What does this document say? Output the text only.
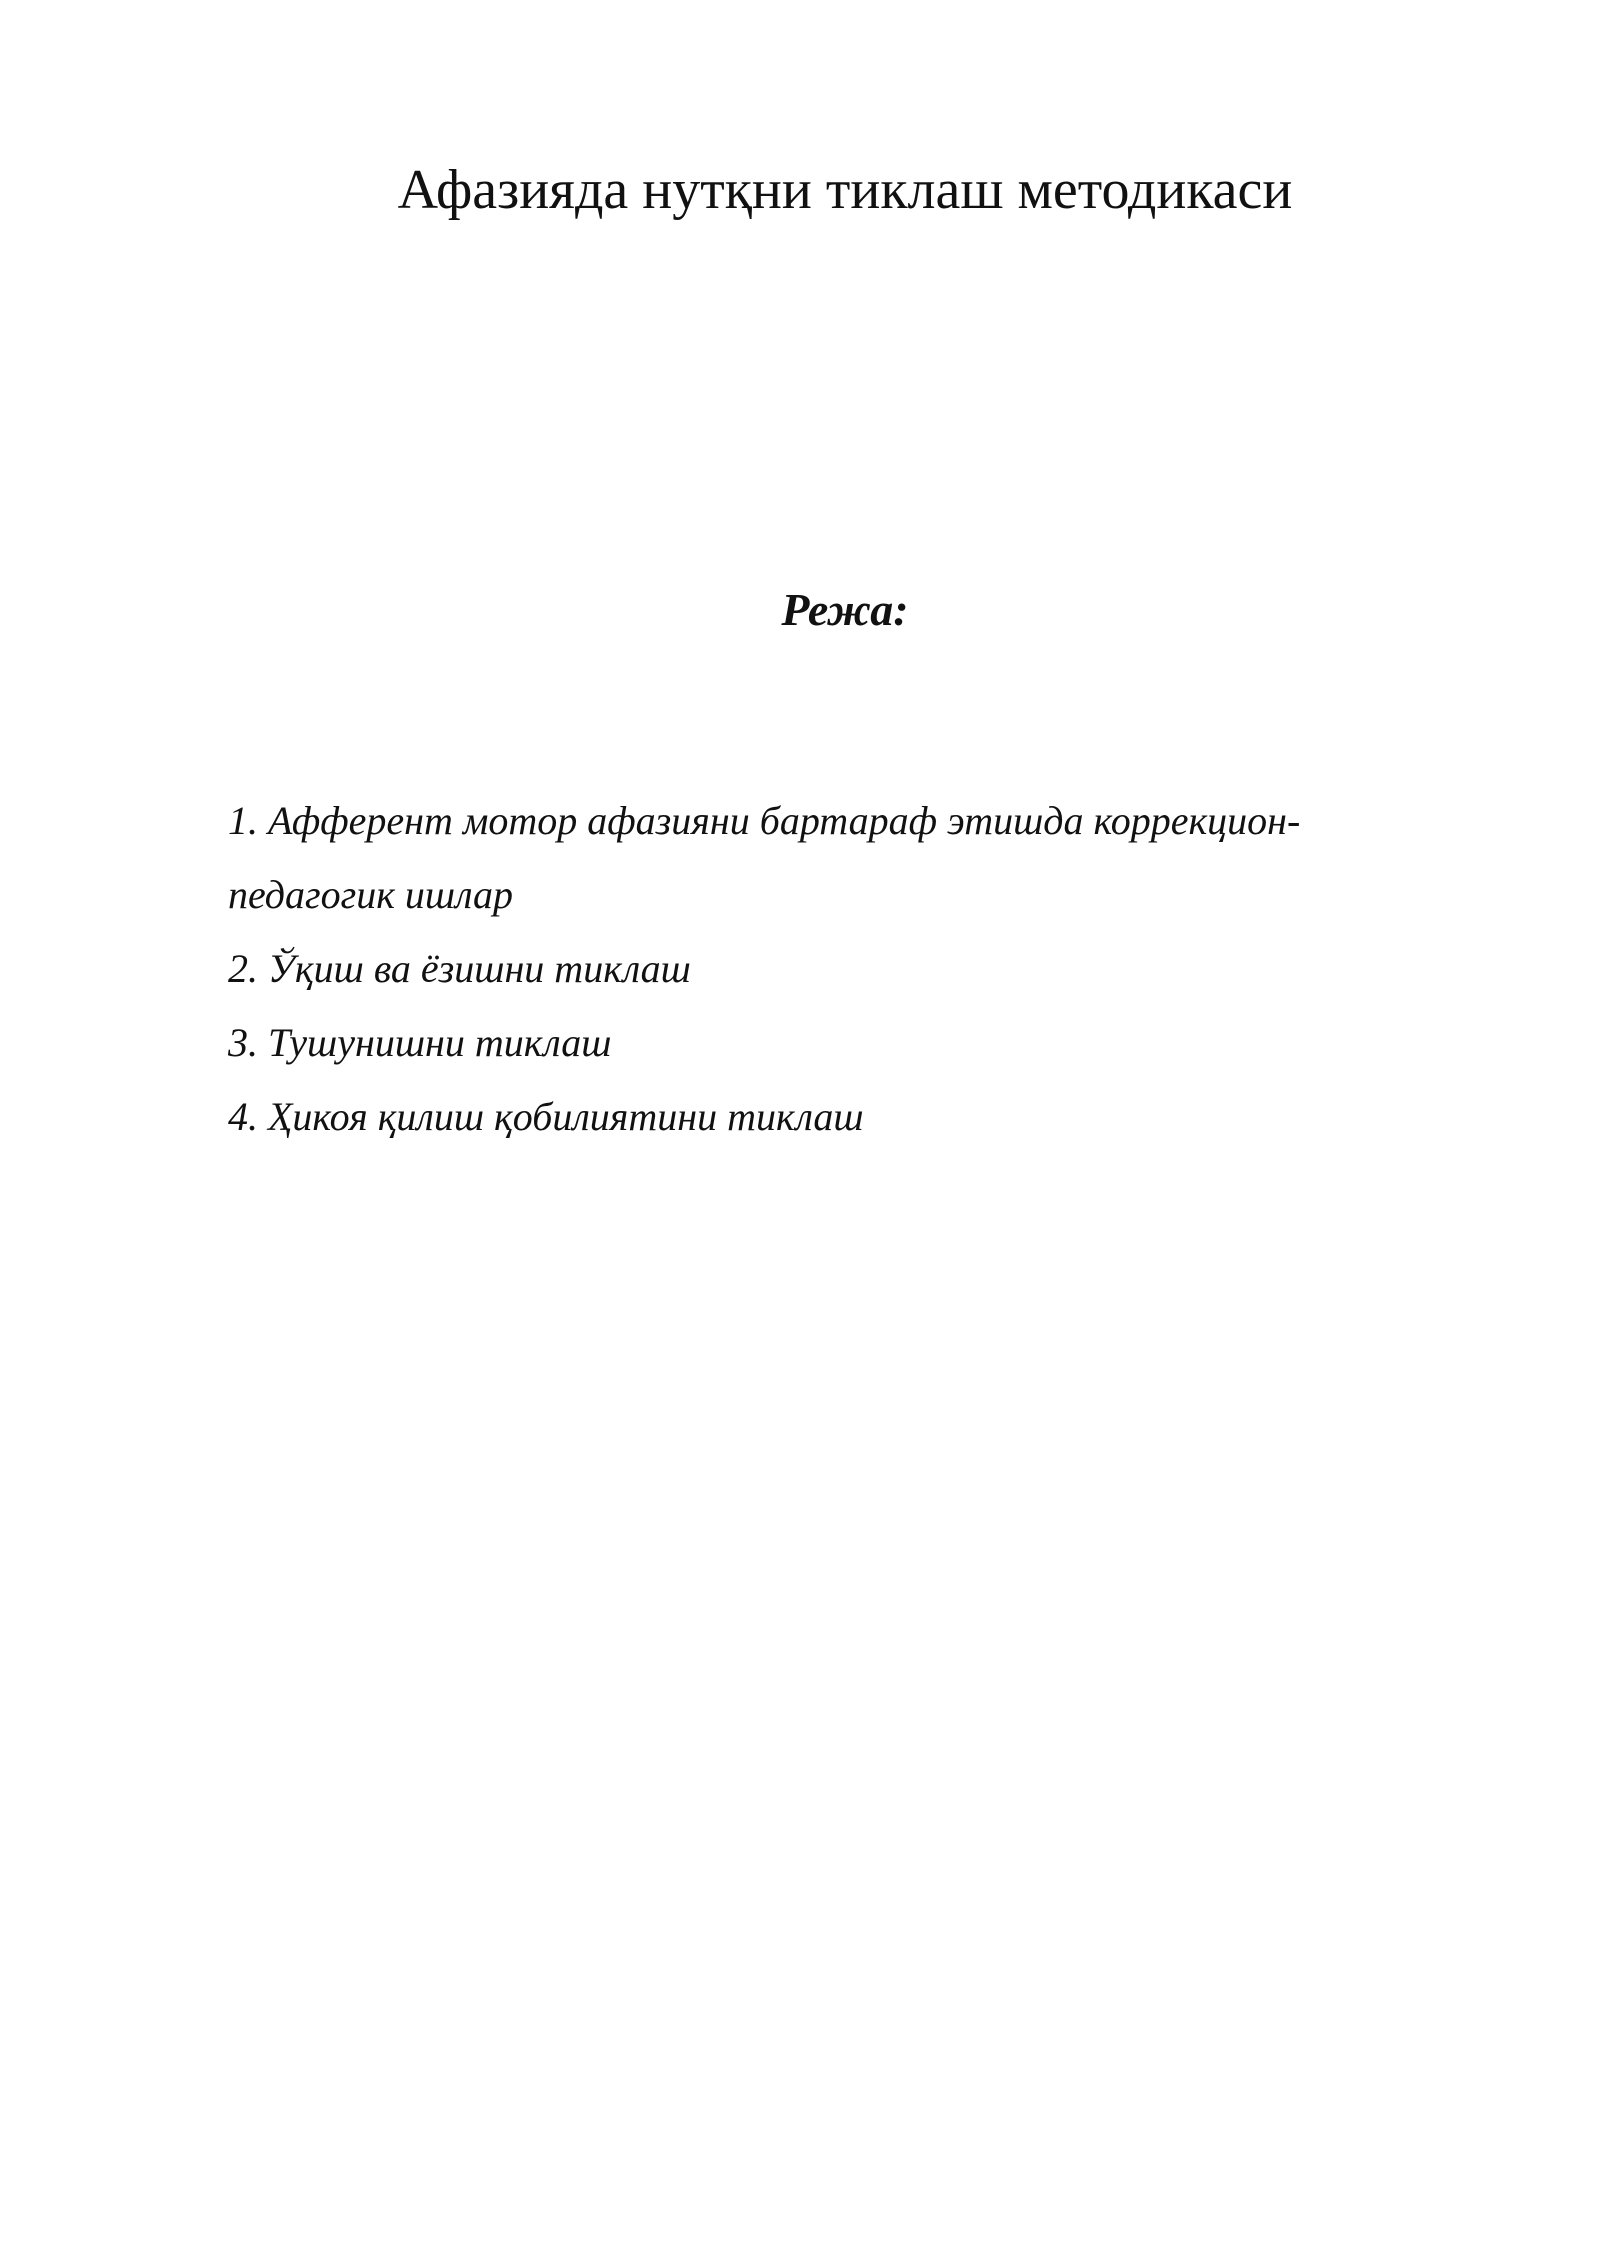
Афазияда нутқни тиклаш методикаси
Режа:
1. Афферент мотор афазияни бартараф этишда коррекцион-
педагогик ишлар
2. Ўқиш ва ёзишни тиклаш
3. Тушунишни тиклаш
4. Ҳикоя қилиш қобилиятини тиклаш
